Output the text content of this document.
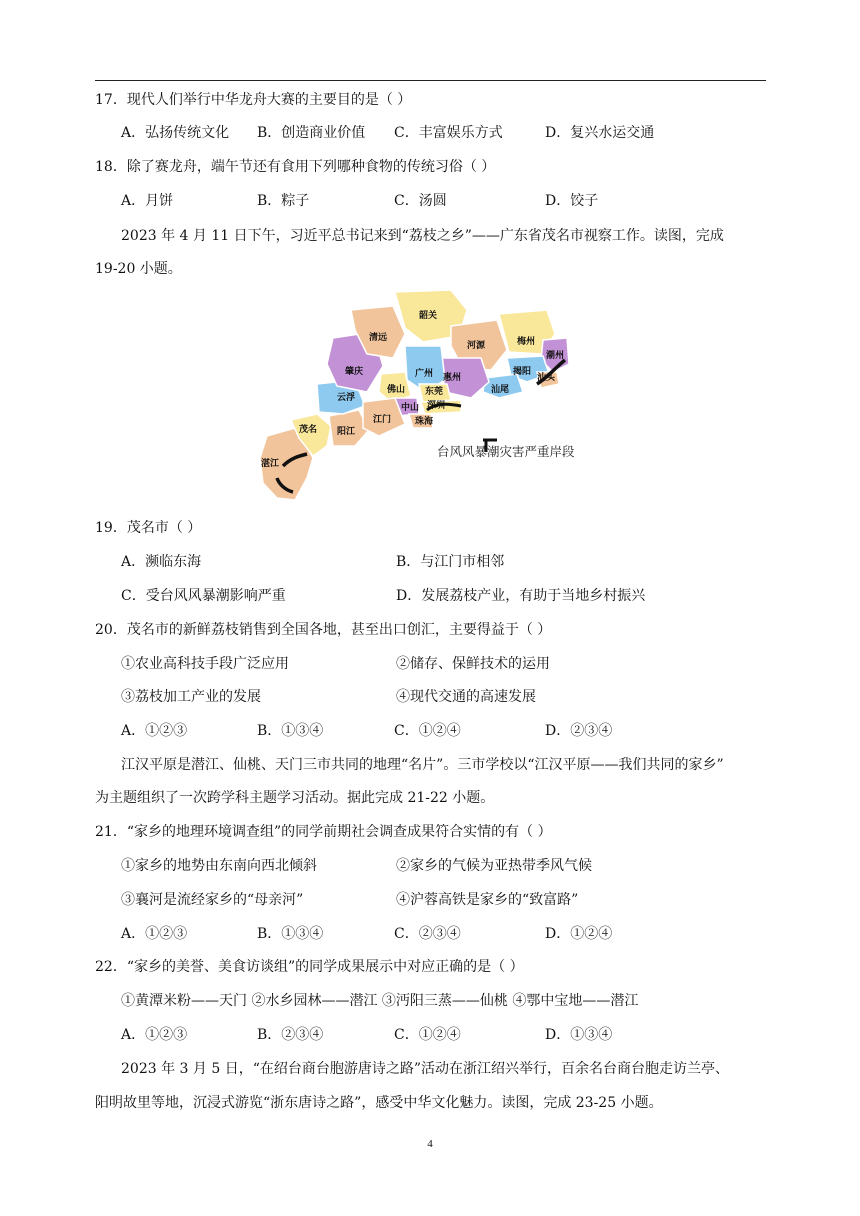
17．现代人们举行中华龙舟大赛的主要目的是（ ）
A．弘扬传统文化 B．创造商业价值 C．丰富娱乐方式	D．复兴水运交通
18．除了赛龙舟，端午节还有食用下列哪种食物的传统习俗（ ）
A．月饼	B．粽子	C．汤圆	D．饺子
2023 年 4 月 11 日下午，习近平总书记来到“荔枝之乡”——广东省茂名市视察工作。读图，完成
19-20 小题。
韶关
清远
河源	梅州
潮州
肇庆	广州 惠州
揭阳
汕头
佛山 东莞	汕尾
云浮
中山 深圳
珠海
江门
茂名 阳江
湛江
台风风暴潮灾害严重岸段
19．茂名市（ ）
A．濒临东海	B．与江门市相邻
C．受台风风暴潮影响严重	D．发展荔枝产业，有助于当地乡村振兴
20．茂名市的新鲜荔枝销售到全国各地，甚至出口创汇，主要得益于（ ）
①农业高科技手段广泛应用	②储存、保鲜技术的运用
③荔枝加工产业的发展	④现代交通的高速发展
A．①②③	B．①③④	C．①②④	D．②③④
江汉平原是潜江、仙桃、天门三市共同的地理“名片”。三市学校以“江汉平原——我们共同的家乡”
为主题组织了一次跨学科主题学习活动。据此完成 21-22 小题。
21．“家乡的地理环境调查组”的同学前期社会调查成果符合实情的有（ ）
①家乡的地势由东南向西北倾斜	②家乡的气候为亚热带季风气候
③襄河是流经家乡的“母亲河”	④沪蓉高铁是家乡的“致富路”
A．①②③	B．①③④	C．②③④	D．①②④
22．“家乡的美誉、美食访谈组”的同学成果展示中对应正确的是（ ）
①黄潭米粉——天门 ②水乡园林——潜江 ③沔阳三蒸——仙桃 ④鄂中宝地——潜江
A．①②③	B．②③④	C．①②④	D．①③④
2023 年 3 月 5 日，“在绍台商台胞游唐诗之路”活动在浙江绍兴举行，百余名台商台胞走访兰亭、
阳明故里等地，沉浸式游览“浙东唐诗之路”，感受中华文化魅力。读图，完成 23-25 小题。
4
